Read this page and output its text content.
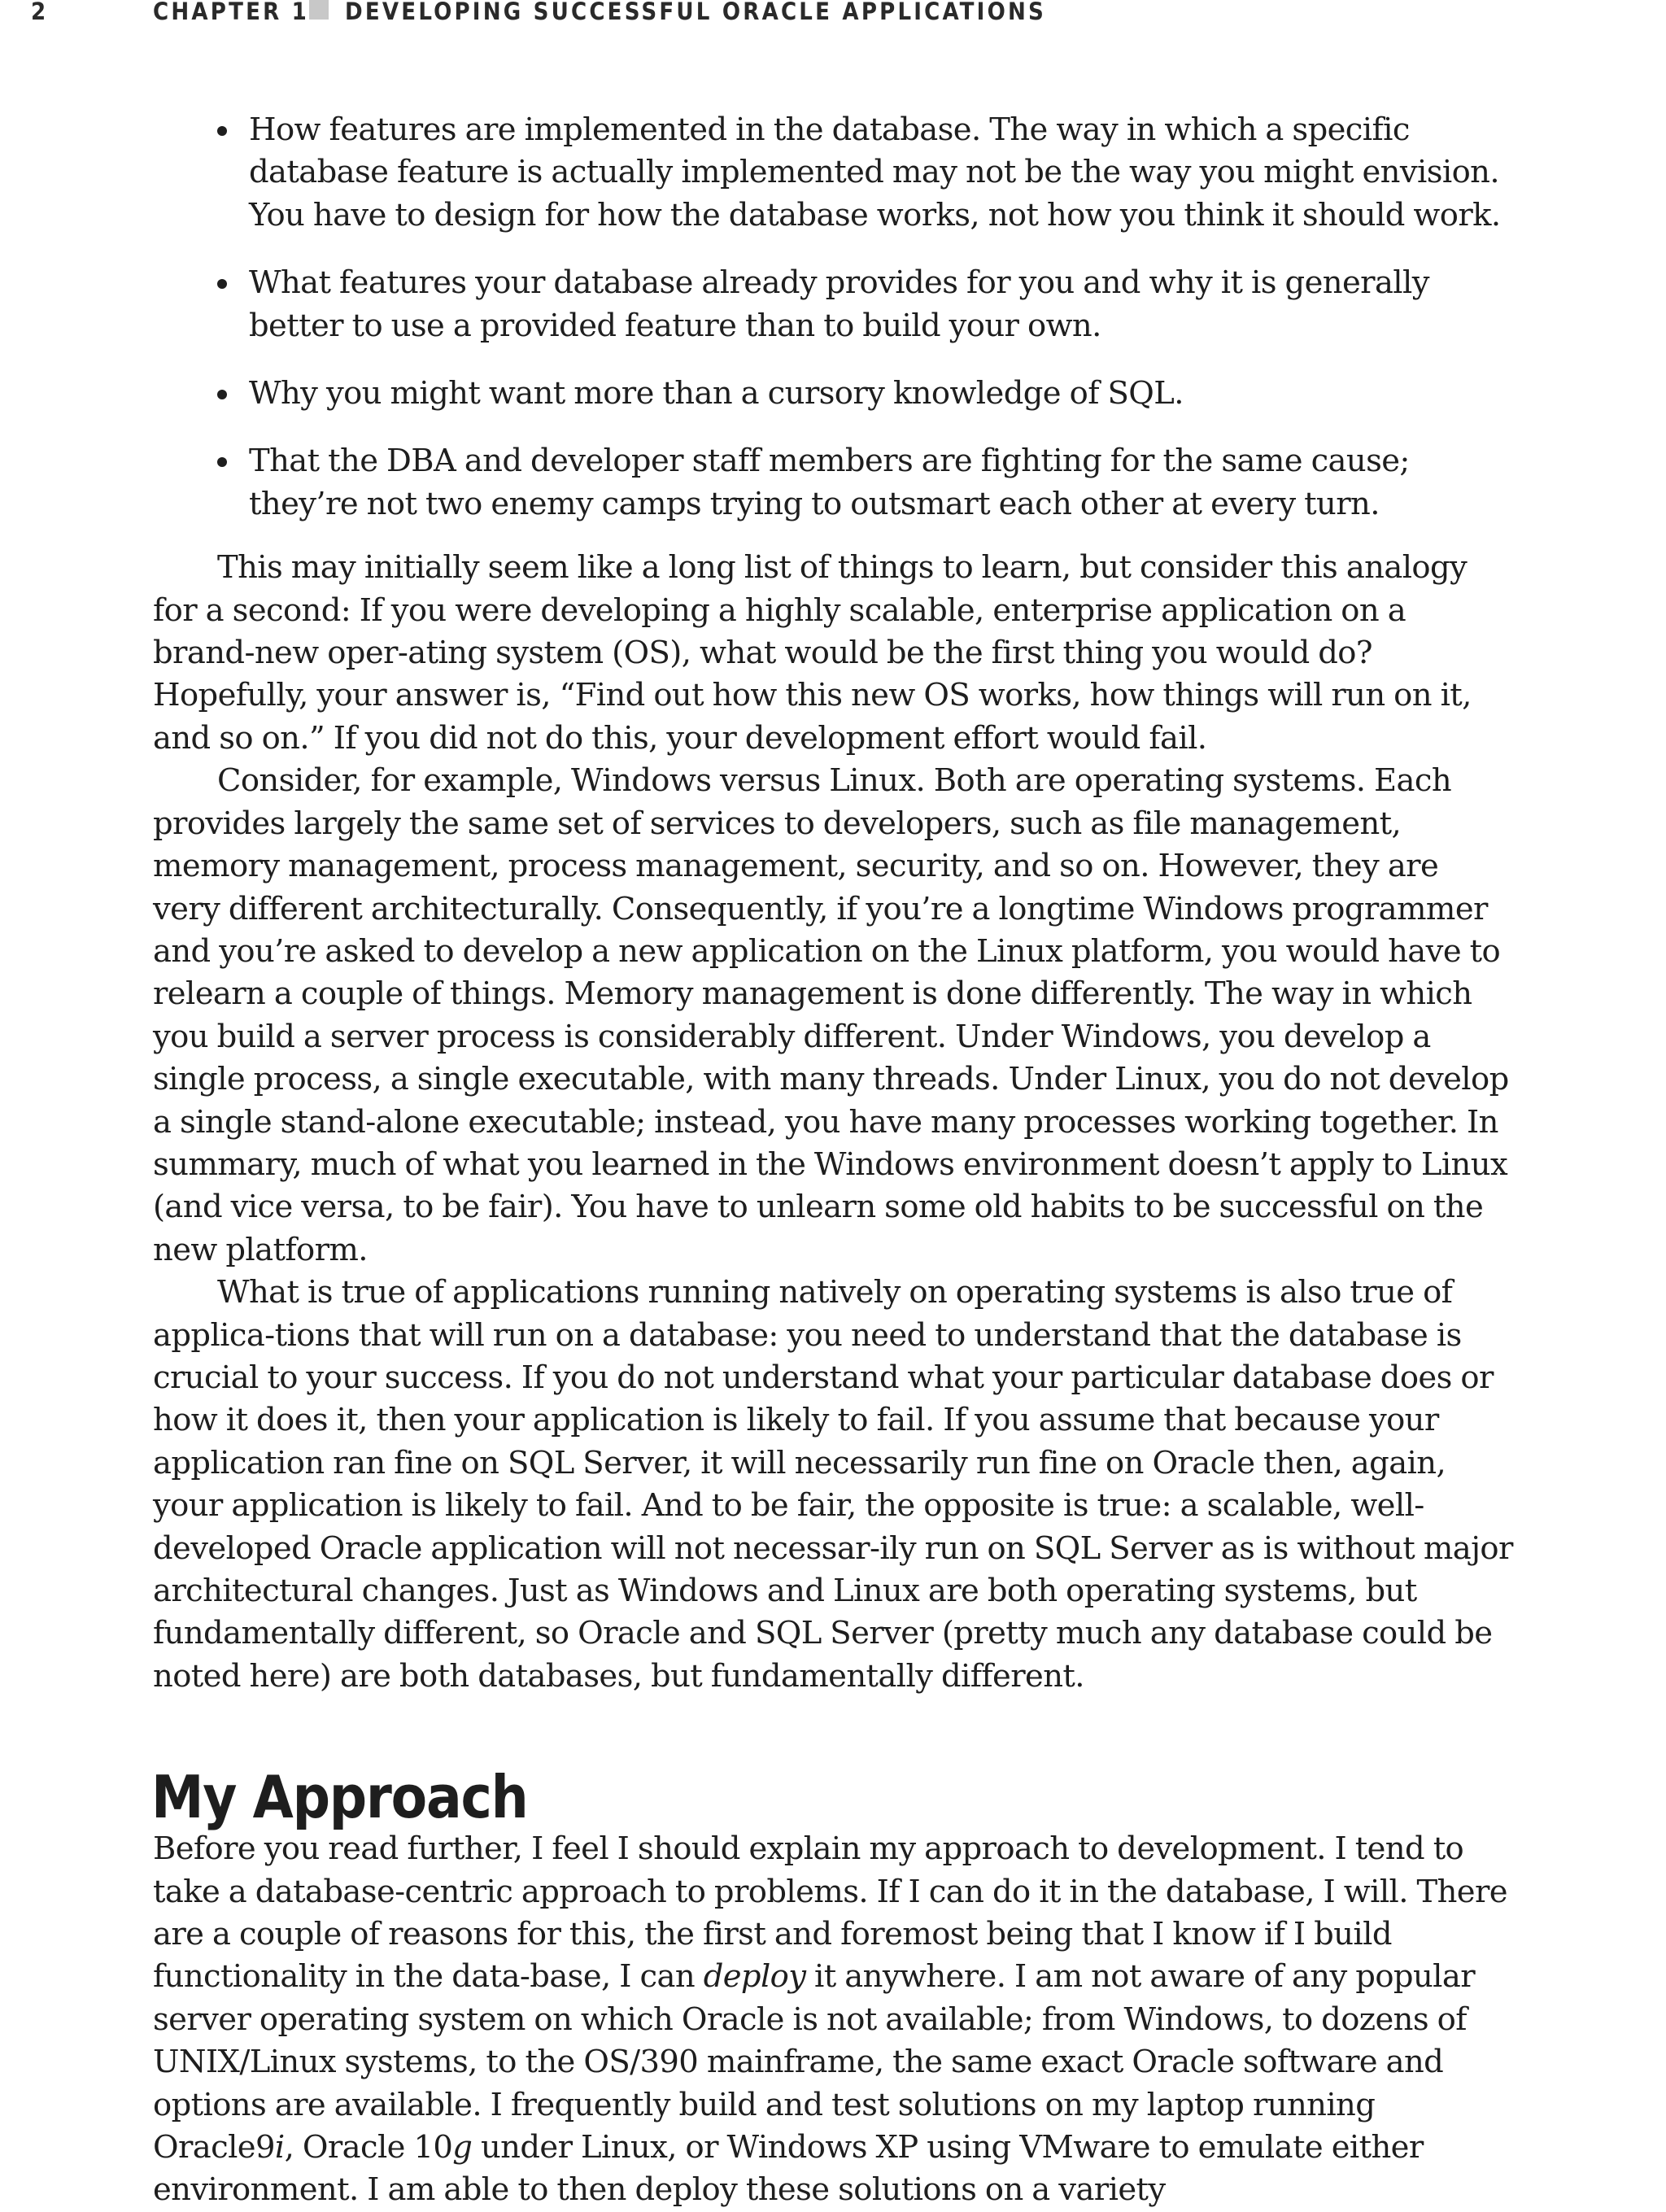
2	CHAPTER 1 DEVELOPING SUCCESSFUL ORACLE APPLICATIONS
How features are implemented in the database. The way in which a specific database feature is actually implemented may not be the way you might envision. You have to design for how the database works, not how you think it should work.
What features your database already provides for you and why it is generally better to use a provided feature than to build your own.
Why you might want more than a cursory knowledge of SQL.
That the DBA and developer staff members are fighting for the same cause; they’re not two enemy camps trying to outsmart each other at every turn.

This may initially seem like a long list of things to learn, but consider this analogy for a second: If you were developing a highly scalable, enterprise application on a brand-new oper-ating system (OS), what would be the first thing you would do? Hopefully, your answer is, “Find out how this new OS works, how things will run on it, and so on.” If you did not do this, your development effort would fail.

Consider, for example, Windows versus Linux. Both are operating systems. Each provides largely the same set of services to developers, such as file management, memory management, process management, security, and so on. However, they are very different architecturally. Consequently, if you’re a longtime Windows programmer and you’re asked to develop a new application on the Linux platform, you would have to relearn a couple of things. Memory management is done differently. The way in which you build a server process is considerably different. Under Windows, you develop a single process, a single executable, with many threads. Under Linux, you do not develop a single stand-alone executable; instead, you have many processes working together. In summary, much of what you learned in the Windows environment doesn’t apply to Linux (and vice versa, to be fair). You have to unlearn some old habits to be successful on the new platform.

What is true of applications running natively on operating systems is also true of applica-tions that will run on a database: you need to understand that the database is crucial to your success. If you do not understand what your particular database does or how it does it, then your application is likely to fail. If you assume that because your application ran fine on SQL Server, it will necessarily run fine on Oracle then, again, your application is likely to fail. And to be fair, the opposite is true: a scalable, well-developed Oracle application will not necessar-ily run on SQL Server as is without major architectural changes. Just as Windows and Linux are both operating systems, but fundamentally different, so Oracle and SQL Server (pretty much any database could be noted here) are both databases, but fundamentally different.

My Approach

Before you read further, I feel I should explain my approach to development. I tend to take a database-centric approach to problems. If I can do it in the database, I will. There are a couple of reasons for this, the first and foremost being that I know if I build functionality in the data-base, I can deploy it anywhere. I am not aware of any popular server operating system on which Oracle is not available; from Windows, to dozens of UNIX/Linux systems, to the OS/390 mainframe, the same exact Oracle software and options are available. I frequently build and test solutions on my laptop running Oracle9i, Oracle 10g under Linux, or Windows XP using VMware to emulate either environment. I am able to then deploy these solutions on a variety
